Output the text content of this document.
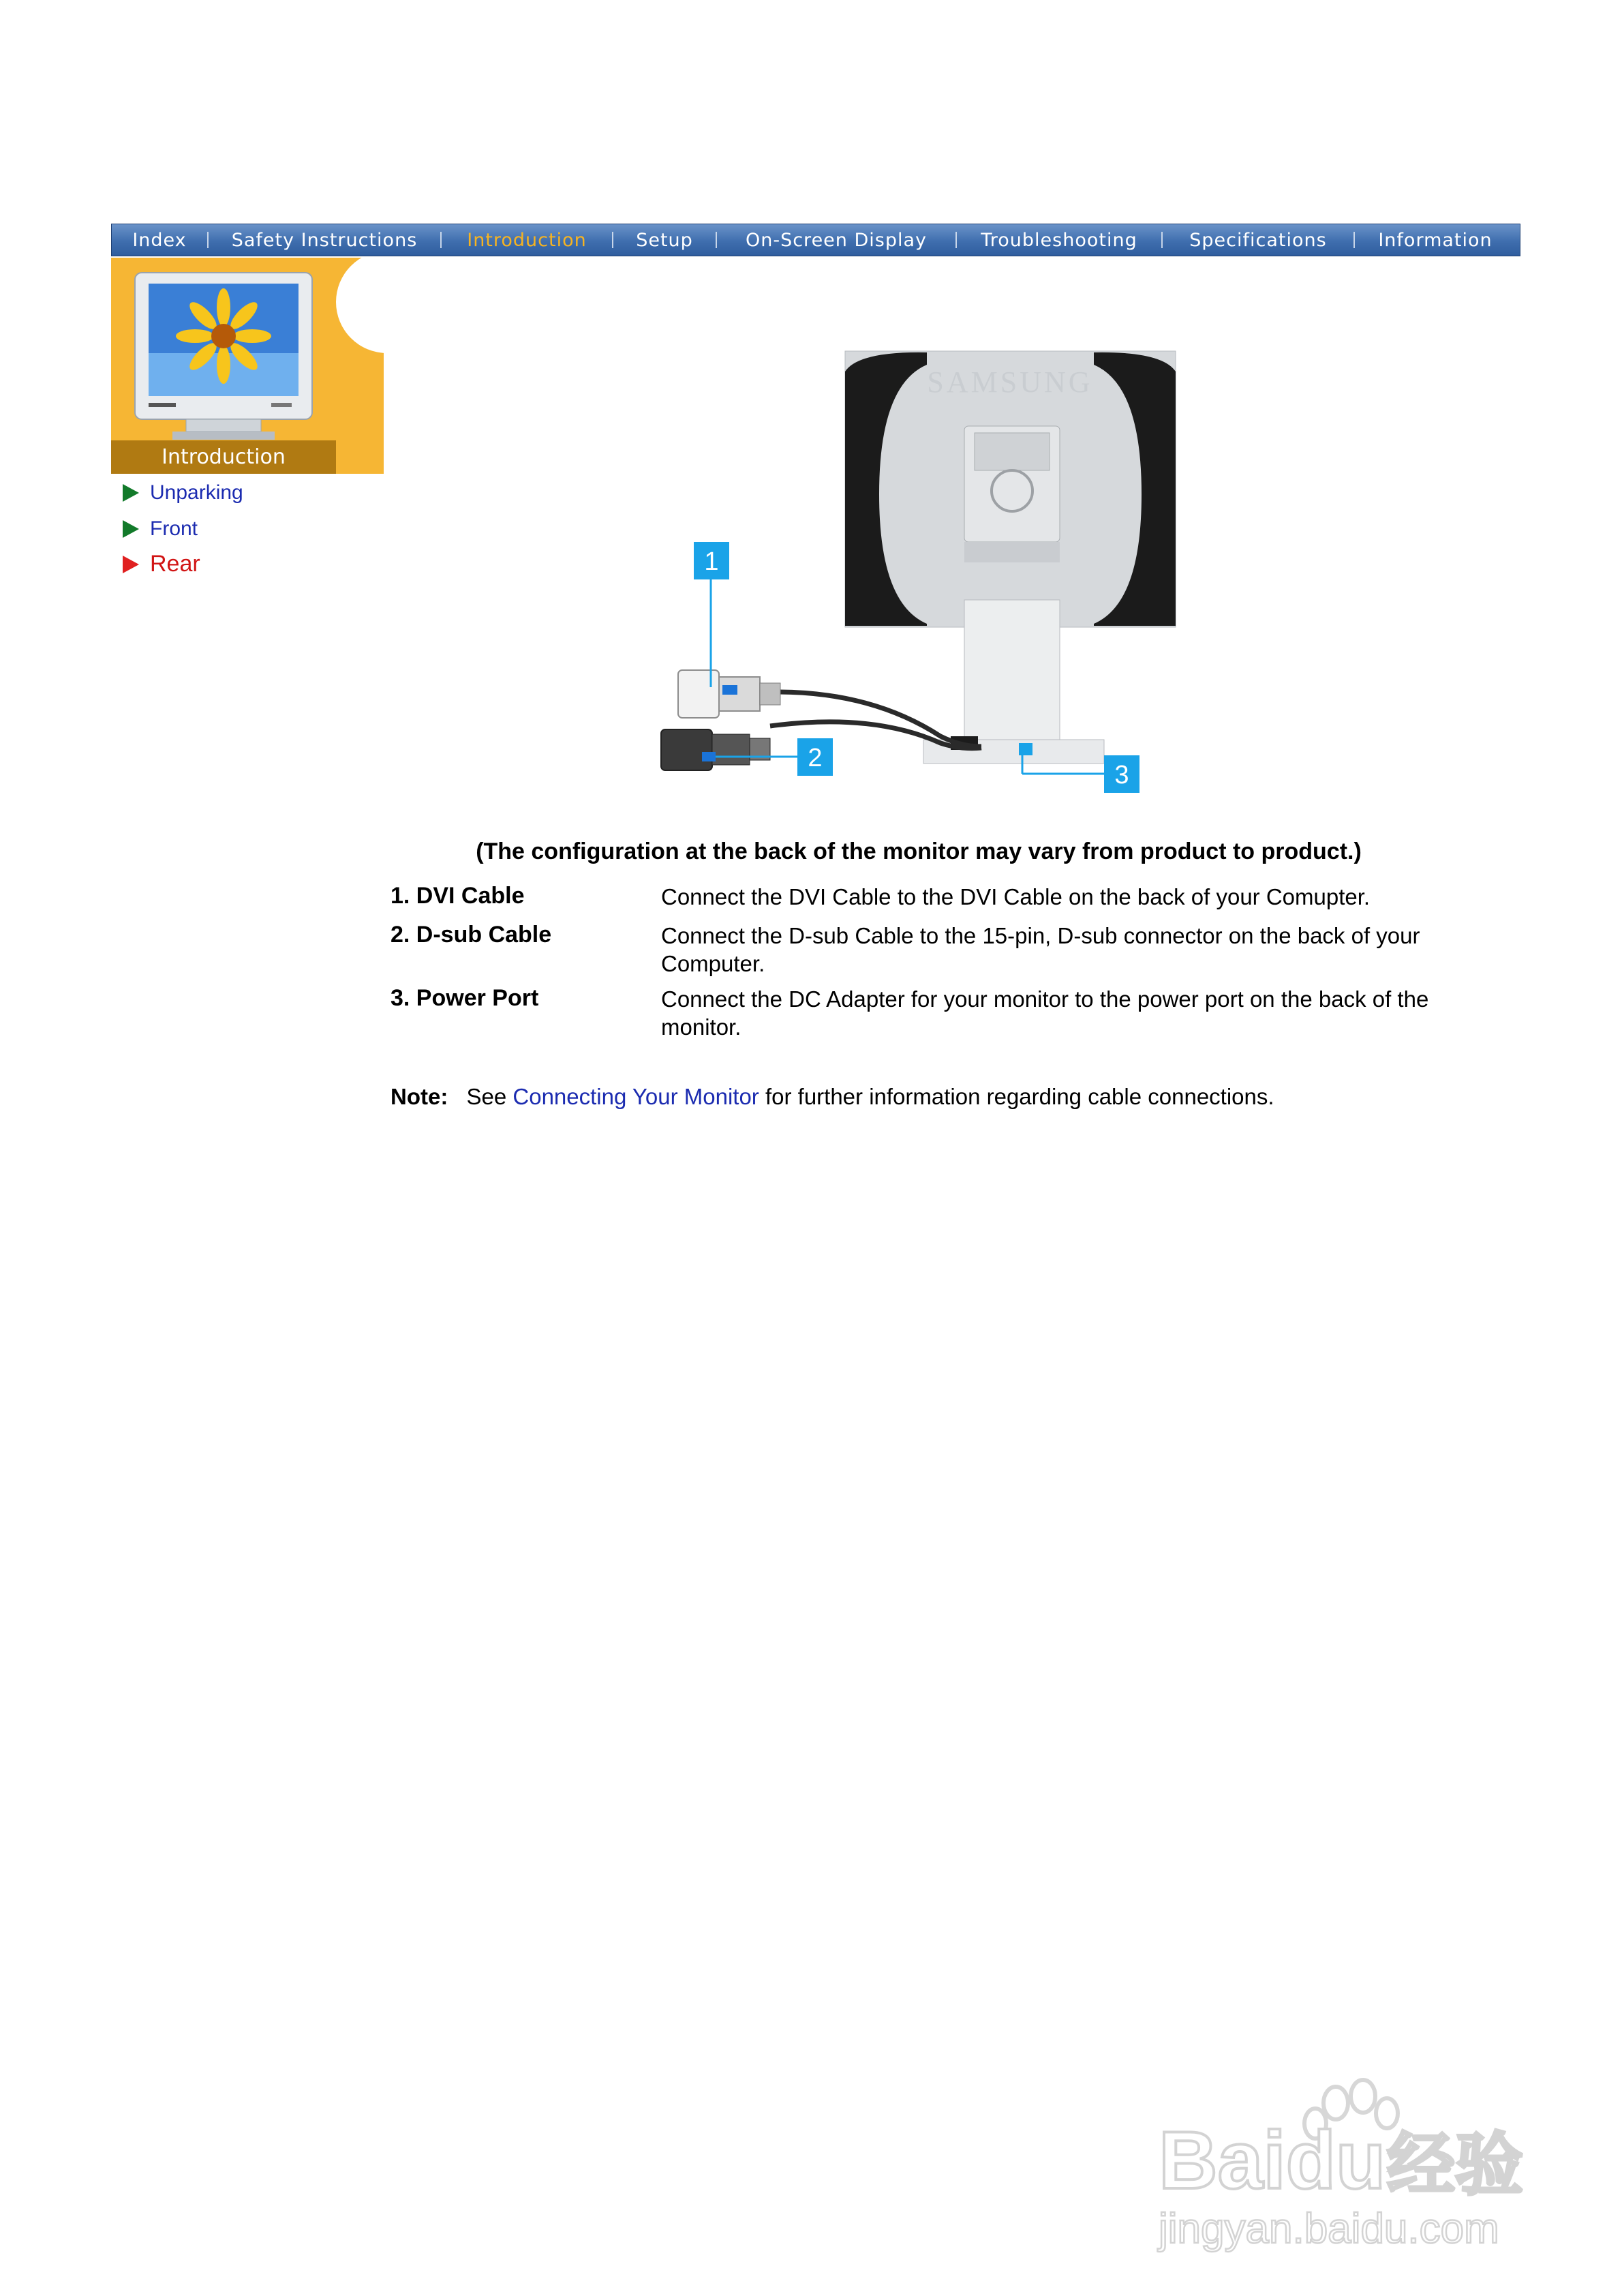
Index	Safety Instructions	Introduction	Setup	On-Screen Display	Troubleshooting	Specifications	Information
Introduction
Unparking
Front
Rear
SAMSUNG
1
2
3
(The configuration at the back of the monitor may vary from product to product.)
1. DVI Cable	Connect the DVI Cable to the DVI Cable on the back of your Comupter.
2. D-sub Cable	Connect the D-sub Cable to the 15-pin, D-sub connector on the back of your Computer.
3. Power Port	Connect the DC Adapter for your monitor to the power port on the back of the monitor.
Note: See Connecting Your Monitor for further information regarding cable connections.
Baidu 经验
jingyan.baidu.com
